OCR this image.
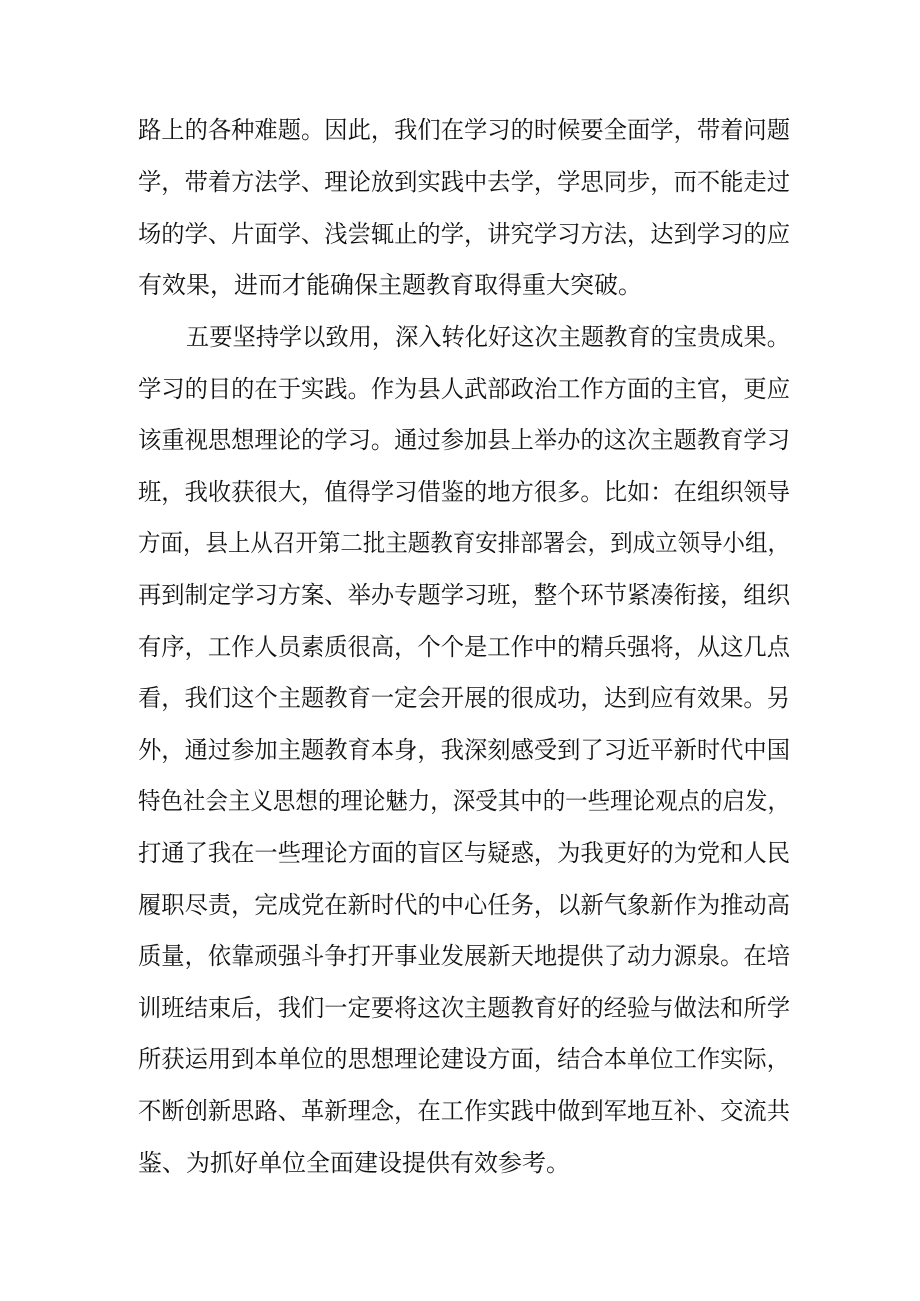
路上的各种难题。因此，我们在学习的时候要全面学，带着问题
学，带着方法学、理论放到实践中去学，学思同步，而不能走过
场的学、片面学、浅尝辄止的学，讲究学习方法，达到学习的应
有效果，进而才能确保主题教育取得重大突破。
五要坚持学以致用，深入转化好这次主题教育的宝贵成果。
学习的目的在于实践。作为县人武部政治工作方面的主官，更应
该重视思想理论的学习。通过参加县上举办的这次主题教育学习
班，我收获很大，值得学习借鉴的地方很多。比如：在组织领导
方面，县上从召开第二批主题教育安排部署会，到成立领导小组，
再到制定学习方案、举办专题学习班，整个环节紧凑衔接，组织
有序，工作人员素质很高，个个是工作中的精兵强将，从这几点
看，我们这个主题教育一定会开展的很成功，达到应有效果。另
外，通过参加主题教育本身，我深刻感受到了习近平新时代中国
特色社会主义思想的理论魅力，深受其中的一些理论观点的启发，
打通了我在一些理论方面的盲区与疑惑，为我更好的为党和人民
履职尽责，完成党在新时代的中心任务，以新气象新作为推动高
质量，依靠顽强斗争打开事业发展新天地提供了动力源泉。在培
训班结束后，我们一定要将这次主题教育好的经验与做法和所学
所获运用到本单位的思想理论建设方面，结合本单位工作实际，
不断创新思路、革新理念，在工作实践中做到军地互补、交流共
鉴、为抓好单位全面建设提供有效参考。
